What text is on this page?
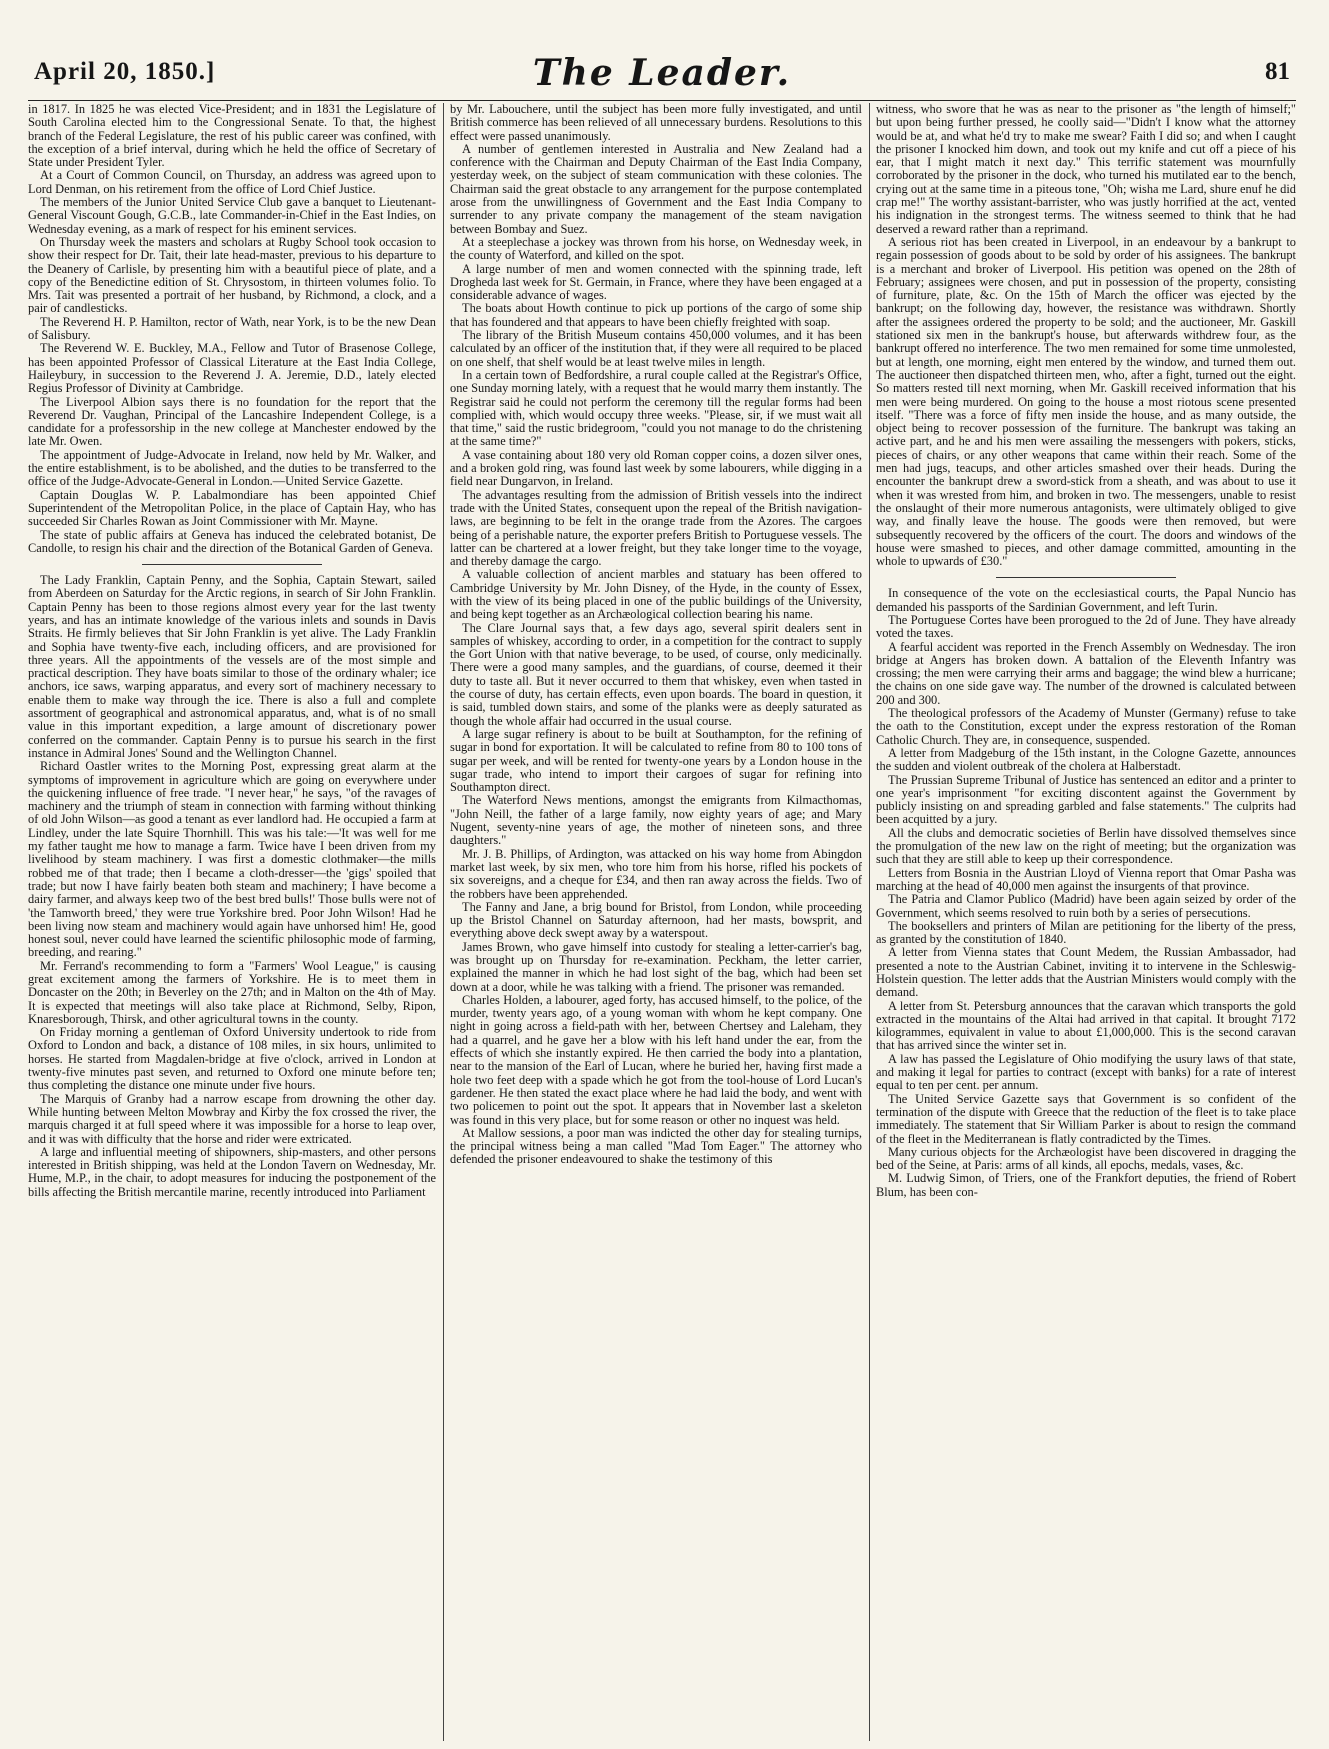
April 20, 1850.]	The Leader.	81

in 1817. In 1825 he was elected Vice-President; and in 1831 the Legislature of South Carolina elected him to the Congressional Senate. To that, the highest branch of the Federal Legislature, the rest of his public career was confined, with the exception of a brief interval, during which he held the office of Secretary of State under President Tyler.

At a Court of Common Council, on Thursday, an address was agreed upon to Lord Denman, on his retirement from the office of Lord Chief Justice.

The members of the Junior United Service Club gave a banquet to Lieutenant-General Viscount Gough, G.C.B., late Commander-in-Chief in the East Indies, on Wednesday evening, as a mark of respect for his eminent services.

On Thursday week the masters and scholars at Rugby School took occasion to show their respect for Dr. Tait, their late head-master, previous to his departure to the Deanery of Carlisle, by presenting him with a beautiful piece of plate, and a copy of the Benedictine edition of St. Chrysostom, in thirteen volumes folio. To Mrs. Tait was presented a portrait of her husband, by Richmond, a clock, and a pair of candlesticks.

The Reverend H. P. Hamilton, rector of Wath, near York, is to be the new Dean of Salisbury.

The Reverend W. E. Buckley, M.A., Fellow and Tutor of Brasenose College, has been appointed Professor of Classical Literature at the East India College, Haileybury, in succession to the Reverend J. A. Jeremie, D.D., lately elected Regius Professor of Divinity at Cambridge.

The Liverpool Albion says there is no foundation for the report that the Reverend Dr. Vaughan, Principal of the Lancashire Independent College, is a candidate for a professorship in the new college at Manchester endowed by the late Mr. Owen.

The appointment of Judge-Advocate in Ireland, now held by Mr. Walker, and the entire establishment, is to be abolished, and the duties to be transferred to the office of the Judge-Advocate-General in London.—United Service Gazette.

Captain Douglas W. P. Labalmondiare has been appointed Chief Superintendent of the Metropolitan Police, in the place of Captain Hay, who has succeeded Sir Charles Rowan as Joint Commissioner with Mr. Mayne.

The state of public affairs at Geneva has induced the celebrated botanist, De Candolle, to resign his chair and the direction of the Botanical Garden of Geneva.

The Lady Franklin, Captain Penny, and the Sophia, Captain Stewart, sailed from Aberdeen on Saturday for the Arctic regions, in search of Sir John Franklin. Captain Penny has been to those regions almost every year for the last twenty years, and has an intimate knowledge of the various inlets and sounds in Davis Straits. He firmly believes that Sir John Franklin is yet alive. The Lady Franklin and Sophia have twenty-five each, including officers, and are provisioned for three years. All the appointments of the vessels are of the most simple and practical description. They have boats similar to those of the ordinary whaler; ice anchors, ice saws, warping apparatus, and every sort of machinery necessary to enable them to make way through the ice. There is also a full and complete assortment of geographical and astronomical apparatus, and, what is of no small value in this important expedition, a large amount of discretionary power conferred on the commander. Captain Penny is to pursue his search in the first instance in Admiral Jones' Sound and the Wellington Channel.

Richard Oastler writes to the Morning Post, expressing great alarm at the symptoms of improvement in agriculture which are going on everywhere under the quickening influence of free trade. "I never hear," he says, "of the ravages of machinery and the triumph of steam in connection with farming without thinking of old John Wilson—as good a tenant as ever landlord had. He occupied a farm at Lindley, under the late Squire Thornhill. This was his tale:—'It was well for me my father taught me how to manage a farm. Twice have I been driven from my livelihood by steam machinery. I was first a domestic clothmaker—the mills robbed me of that trade; then I became a cloth-dresser—the 'gigs' spoiled that trade; but now I have fairly beaten both steam and machinery; I have become a dairy farmer, and always keep two of the best bred bulls!' Those bulls were not of 'the Tamworth breed,' they were true Yorkshire bred. Poor John Wilson! Had he been living now steam and machinery would again have unhorsed him! He, good honest soul, never could have learned the scientific philosophic mode of farming, breeding, and rearing."

Mr. Ferrand's recommending to form a "Farmers' Wool League," is causing great excitement among the farmers of Yorkshire. He is to meet them in Doncaster on the 20th; in Beverley on the 27th; and in Malton on the 4th of May. It is expected that meetings will also take place at Richmond, Selby, Ripon, Knaresborough, Thirsk, and other agricultural towns in the county.

On Friday morning a gentleman of Oxford University undertook to ride from Oxford to London and back, a distance of 108 miles, in six hours, unlimited to horses. He started from Magdalen-bridge at five o'clock, arrived in London at twenty-five minutes past seven, and returned to Oxford one minute before ten; thus completing the distance one minute under five hours.

The Marquis of Granby had a narrow escape from drowning the other day. While hunting between Melton Mowbray and Kirby the fox crossed the river, the marquis charged it at full speed where it was impossible for a horse to leap over, and it was with difficulty that the horse and rider were extricated.

A large and influential meeting of shipowners, ship-masters, and other persons interested in British shipping, was held at the London Tavern on Wednesday, Mr. Hume, M.P., in the chair, to adopt measures for inducing the postponement of the bills affecting the British mercantile marine, recently introduced into Parliament

by Mr. Labouchere, until the subject has been more fully investigated, and until British commerce has been relieved of all unnecessary burdens. Resolutions to this effect were passed unanimously.

A number of gentlemen interested in Australia and New Zealand had a conference with the Chairman and Deputy Chairman of the East India Company, yesterday week, on the subject of steam communication with these colonies. The Chairman said the great obstacle to any arrangement for the purpose contemplated arose from the unwillingness of Government and the East India Company to surrender to any private company the management of the steam navigation between Bombay and Suez.

At a steeplechase a jockey was thrown from his horse, on Wednesday week, in the county of Waterford, and killed on the spot.

A large number of men and women connected with the spinning trade, left Drogheda last week for St. Germain, in France, where they have been engaged at a considerable advance of wages.

The boats about Howth continue to pick up portions of the cargo of some ship that has foundered and that appears to have been chiefly freighted with soap.

The library of the British Museum contains 450,000 volumes, and it has been calculated by an officer of the institution that, if they were all required to be placed on one shelf, that shelf would be at least twelve miles in length.

In a certain town of Bedfordshire, a rural couple called at the Registrar's Office, one Sunday morning lately, with a request that he would marry them instantly. The Registrar said he could not perform the ceremony till the regular forms had been complied with, which would occupy three weeks. "Please, sir, if we must wait all that time," said the rustic bridegroom, "could you not manage to do the christening at the same time?"

A vase containing about 180 very old Roman copper coins, a dozen silver ones, and a broken gold ring, was found last week by some labourers, while digging in a field near Dungarvon, in Ireland.

The advantages resulting from the admission of British vessels into the indirect trade with the United States, consequent upon the repeal of the British navigation-laws, are beginning to be felt in the orange trade from the Azores. The cargoes being of a perishable nature, the exporter prefers British to Portuguese vessels. The latter can be chartered at a lower freight, but they take longer time to the voyage, and thereby damage the cargo.

A valuable collection of ancient marbles and statuary has been offered to Cambridge University by Mr. John Disney, of the Hyde, in the county of Essex, with the view of its being placed in one of the public buildings of the University, and being kept together as an Archæological collection bearing his name.

The Clare Journal says that, a few days ago, several spirit dealers sent in samples of whiskey, according to order, in a competition for the contract to supply the Gort Union with that native beverage, to be used, of course, only medicinally. There were a good many samples, and the guardians, of course, deemed it their duty to taste all. But it never occurred to them that whiskey, even when tasted in the course of duty, has certain effects, even upon boards. The board in question, it is said, tumbled down stairs, and some of the planks were as deeply saturated as though the whole affair had occurred in the usual course.

A large sugar refinery is about to be built at Southampton, for the refining of sugar in bond for exportation. It will be calculated to refine from 80 to 100 tons of sugar per week, and will be rented for twenty-one years by a London house in the sugar trade, who intend to import their cargoes of sugar for refining into Southampton direct.

The Waterford News mentions, amongst the emigrants from Kilmacthomas, "John Neill, the father of a large family, now eighty years of age; and Mary Nugent, seventy-nine years of age, the mother of nineteen sons, and three daughters."

Mr. J. B. Phillips, of Ardington, was attacked on his way home from Abingdon market last week, by six men, who tore him from his horse, rifled his pockets of six sovereigns, and a cheque for £34, and then ran away across the fields. Two of the robbers have been apprehended.

The Fanny and Jane, a brig bound for Bristol, from London, while proceeding up the Bristol Channel on Saturday afternoon, had her masts, bowsprit, and everything above deck swept away by a waterspout.

James Brown, who gave himself into custody for stealing a letter-carrier's bag, was brought up on Thursday for re-examination. Peckham, the letter carrier, explained the manner in which he had lost sight of the bag, which had been set down at a door, while he was talking with a friend. The prisoner was remanded.

Charles Holden, a labourer, aged forty, has accused himself, to the police, of the murder, twenty years ago, of a young woman with whom he kept company. One night in going across a field-path with her, between Chertsey and Laleham, they had a quarrel, and he gave her a blow with his left hand under the ear, from the effects of which she instantly expired. He then carried the body into a plantation, near to the mansion of the Earl of Lucan, where he buried her, having first made a hole two feet deep with a spade which he got from the tool-house of Lord Lucan's gardener. He then stated the exact place where he had laid the body, and went with two policemen to point out the spot. It appears that in November last a skeleton was found in this very place, but for some reason or other no inquest was held.

At Mallow sessions, a poor man was indicted the other day for stealing turnips, the principal witness being a man called "Mad Tom Eager." The attorney who defended the prisoner endeavoured to shake the testimony of this

witness, who swore that he was as near to the prisoner as "the length of himself;" but upon being further pressed, he coolly said—"Didn't I know what the attorney would be at, and what he'd try to make me swear? Faith I did so; and when I caught the prisoner I knocked him down, and took out my knife and cut off a piece of his ear, that I might match it next day." This terrific statement was mournfully corroborated by the prisoner in the dock, who turned his mutilated ear to the bench, crying out at the same time in a piteous tone, "Oh; wisha me Lard, shure enuf he did crap me!" The worthy assistant-barrister, who was justly horrified at the act, vented his indignation in the strongest terms. The witness seemed to think that he had deserved a reward rather than a reprimand.

A serious riot has been created in Liverpool, in an endeavour by a bankrupt to regain possession of goods about to be sold by order of his assignees. The bankrupt is a merchant and broker of Liverpool. His petition was opened on the 28th of February; assignees were chosen, and put in possession of the property, consisting of furniture, plate, &c. On the 15th of March the officer was ejected by the bankrupt; on the following day, however, the resistance was withdrawn. Shortly after the assignees ordered the property to be sold; and the auctioneer, Mr. Gaskill stationed six men in the bankrupt's house, but afterwards withdrew four, as the bankrupt offered no interference. The two men remained for some time unmolested, but at length, one morning, eight men entered by the window, and turned them out. The auctioneer then dispatched thirteen men, who, after a fight, turned out the eight. So matters rested till next morning, when Mr. Gaskill received information that his men were being murdered. On going to the house a most riotous scene presented itself. "There was a force of fifty men inside the house, and as many outside, the object being to recover possession of the furniture. The bankrupt was taking an active part, and he and his men were assailing the messengers with pokers, sticks, pieces of chairs, or any other weapons that came within their reach. Some of the men had jugs, teacups, and other articles smashed over their heads. During the encounter the bankrupt drew a sword-stick from a sheath, and was about to use it when it was wrested from him, and broken in two. The messengers, unable to resist the onslaught of their more numerous antagonists, were ultimately obliged to give way, and finally leave the house. The goods were then removed, but were subsequently recovered by the officers of the court. The doors and windows of the house were smashed to pieces, and other damage committed, amounting in the whole to upwards of £30."

In consequence of the vote on the ecclesiastical courts, the Papal Nuncio has demanded his passports of the Sardinian Government, and left Turin.

The Portuguese Cortes have been prorogued to the 2d of June. They have already voted the taxes.

A fearful accident was reported in the French Assembly on Wednesday. The iron bridge at Angers has broken down. A battalion of the Eleventh Infantry was crossing; the men were carrying their arms and baggage; the wind blew a hurricane; the chains on one side gave way. The number of the drowned is calculated between 200 and 300.

The theological professors of the Academy of Munster (Germany) refuse to take the oath to the Constitution, except under the express restoration of the Roman Catholic Church. They are, in consequence, suspended.

A letter from Madgeburg of the 15th instant, in the Cologne Gazette, announces the sudden and violent outbreak of the cholera at Halberstadt.

The Prussian Supreme Tribunal of Justice has sentenced an editor and a printer to one year's imprisonment "for exciting discontent against the Government by publicly insisting on and spreading garbled and false statements." The culprits had been acquitted by a jury.

All the clubs and democratic societies of Berlin have dissolved themselves since the promulgation of the new law on the right of meeting; but the organization was such that they are still able to keep up their correspondence.

Letters from Bosnia in the Austrian Lloyd of Vienna report that Omar Pasha was marching at the head of 40,000 men against the insurgents of that province.

The Patria and Clamor Publico (Madrid) have been again seized by order of the Government, which seems resolved to ruin both by a series of persecutions.

The booksellers and printers of Milan are petitioning for the liberty of the press, as granted by the constitution of 1840.

A letter from Vienna states that Count Medem, the Russian Ambassador, had presented a note to the Austrian Cabinet, inviting it to intervene in the Schleswig-Holstein question. The letter adds that the Austrian Ministers would comply with the demand.

A letter from St. Petersburg announces that the caravan which transports the gold extracted in the mountains of the Altai had arrived in that capital. It brought 7172 kilogrammes, equivalent in value to about £1,000,000. This is the second caravan that has arrived since the winter set in.

A law has passed the Legislature of Ohio modifying the usury laws of that state, and making it legal for parties to contract (except with banks) for a rate of interest equal to ten per cent. per annum.

The United Service Gazette says that Government is so confident of the termination of the dispute with Greece that the reduction of the fleet is to take place immediately. The statement that Sir William Parker is about to resign the command of the fleet in the Mediterranean is flatly contradicted by the Times.

Many curious objects for the Archæologist have been discovered in dragging the bed of the Seine, at Paris: arms of all kinds, all epochs, medals, vases, &c.

M. Ludwig Simon, of Triers, one of the Frankfort deputies, the friend of Robert Blum, has been con-
